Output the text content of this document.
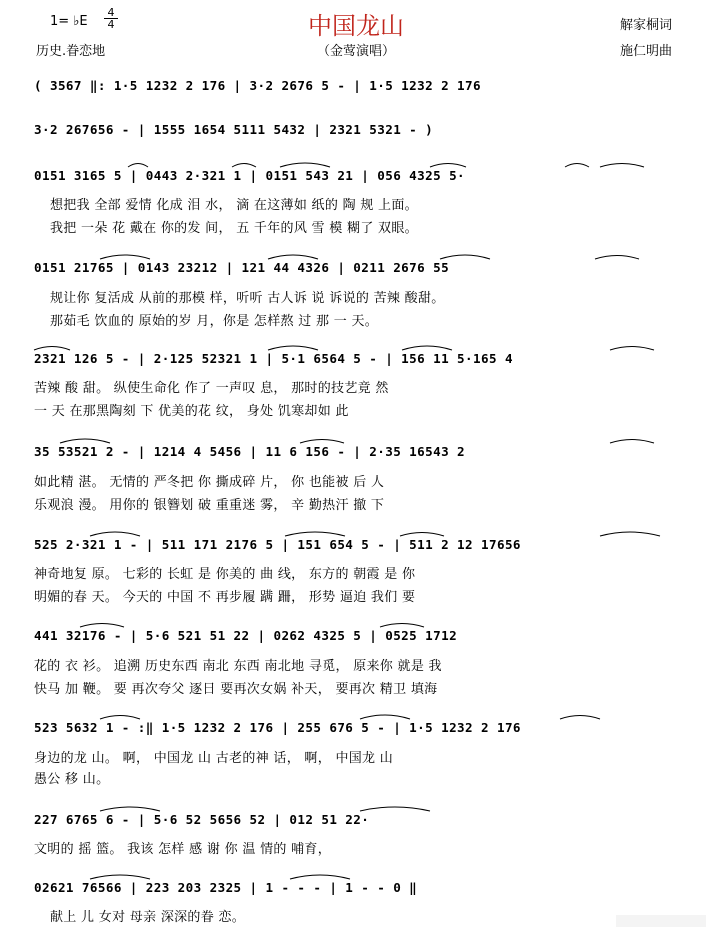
中国龙山
（金莺演唱）
1= ♭E
4
4
历史.眷恋地
解家桐词
施仁明曲
( 3567 ‖: 1·5 1232 2 176 | 3·2 2676 5 - | 1·5 1232 2 176
3·2 267656 - | 1555 1654 5111 5432 | 2321 5321 - )
0151 3165 5 | 0443 2·321 1 | 0151 543 21 | 056 4325 5·
想把我 全部 爱情 化成 泪 水， 滴 在这薄如 纸的 陶 规 上面。
我把 一朵 花 戴在 你的发 间， 五 千年的风 雪 模 糊了 双眼。
0151 21765 | 0143 23212 | 121 44 4326 | 0211 2676 55
规让你 复活成 从前的那模 样，听听 古人诉 说 诉说的 苦辣 酸甜。
那茹毛 饮血的 原始的岁 月，你是 怎样熬 过 那 一 天。
2321 126 5 - | 2·125 52321 1 | 5·1 6564 5 - | 156 11 5·165 4
苦辣 酸 甜。 纵使生命化 作了 一声叹 息， 那时的技艺竟 然
一 天 在那黑陶刻 下 优美的花 纹， 身处 饥寒却如 此
35 53521 2 - | 1214 4 5456 | 11 6 156 - | 2·35 16543 2
如此精 湛。 无情的 严冬把 你 撕成碎 片， 你 也能被 后 人
乐观浪 漫。 用你的 银簪划 破 重重迷 雾， 辛 勤热汗 撤 下
525 2·321 1 - | 511 171 2176 5 | 151 654 5 - | 511 2 12 17656
神奇地复 原。 七彩的 长虹 是 你美的 曲 线， 东方的 朝霞 是 你
明媚的春 天。 今天的 中国 不 再步履 蹒 跚， 形势 逼迫 我们 要
441 32176 - | 5·6 521 51 22 | 0262 4325 5 | 0525 1712
花的 衣 衫。 追溯 历史东西 南北 东西 南北地 寻觅， 原来你 就是 我
快马 加 鞭。 要 再次夸父 逐日 要再次女娲 补天， 要再次 精卫 填海
523 5632 1 - :‖ 1·5 1232 2 176 | 255 676 5 - | 1·5 1232 2 176
身边的龙 山。 啊， 中国龙 山 古老的神 话， 啊， 中国龙 山
愚公 移 山。
227 6765 6 - | 5·6 52 5656 52 | 012 51 22·
文明的 摇 篮。 我该 怎样 感 谢 你 温 情的 哺育，
02621 76566 | 223 203 2325 | 1 - - - | 1 - - 0 ‖
献上 儿 女对 母亲 深深的眷 恋。
